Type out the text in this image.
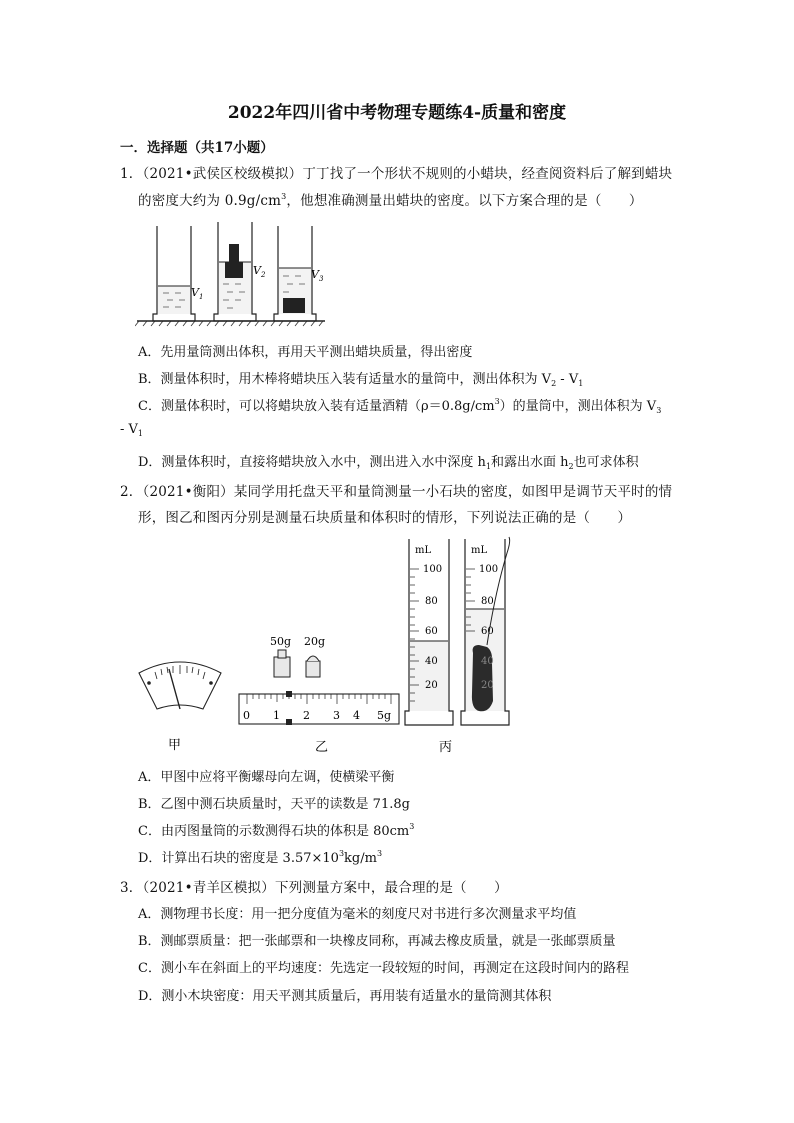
2022年四川省中考物理专题练4-质量和密度
一．选择题（共17小题）
1．（2021•武侯区校级模拟）丁丁找了一个形状不规则的小蜡块，经查阅资料后了解到蜡块
的密度大约为 $0.9g/cm^3$，他想准确测量出蜡块的密度。以下方案合理的是（　　）
$V_1$
$V_2$	$V_3$
A．先用量筒测出体积，再用天平测出蜡块质量，得出密度
B．测量体积时，用木棒将蜡块压入装有适量水的量筒中，测出体积为 $V_2 - V_1$
C．测量体积时，可以将蜡块放入装有适量酒精$(\rho=0.8g/cm^3)$的量筒中，测出体积为 $V_3$
- $V_1$
D．测量体积时，直接将蜡块放入水中，测出进入水中深度 $h_1$和露出水面 $h_2$也可求体积
2．（2021•衡阳）某同学用托盘天平和量筒测量一小石块的密度，如图甲是调节天平时的情
形，图乙和图丙分别是测量石块质量和体积时的情形，下列说法正确的是（　　）
甲
50g 20g
0 1 2 3 4 5g
乙
mL
100
80
60
40
20
丙
mL
100
80
60
40
20
A．甲图中应将平衡螺母向左调，使横梁平衡
B．乙图中测石块质量时，天平的读数是 71.8g
C．由丙图量筒的示数测得石块的体积是 $80cm^3$
D．计算出石块的密度是 $3.57\times 10^3kg/m^3$
3．（2021•青羊区模拟）下列测量方案中，最合理的是（　　）
A．测物理书长度：用一把分度值为毫米的刻度尺对书进行多次测量求平均值
B．测邮票质量：把一张邮票和一块橡皮同称，再减去橡皮质量，就是一张邮票质量
C．测小车在斜面上的平均速度：先选定一段较短的时间，再测定在这段时间内的路程
D．测小木块密度：用天平测其质量后，再用装有适量水的量筒测其体积
